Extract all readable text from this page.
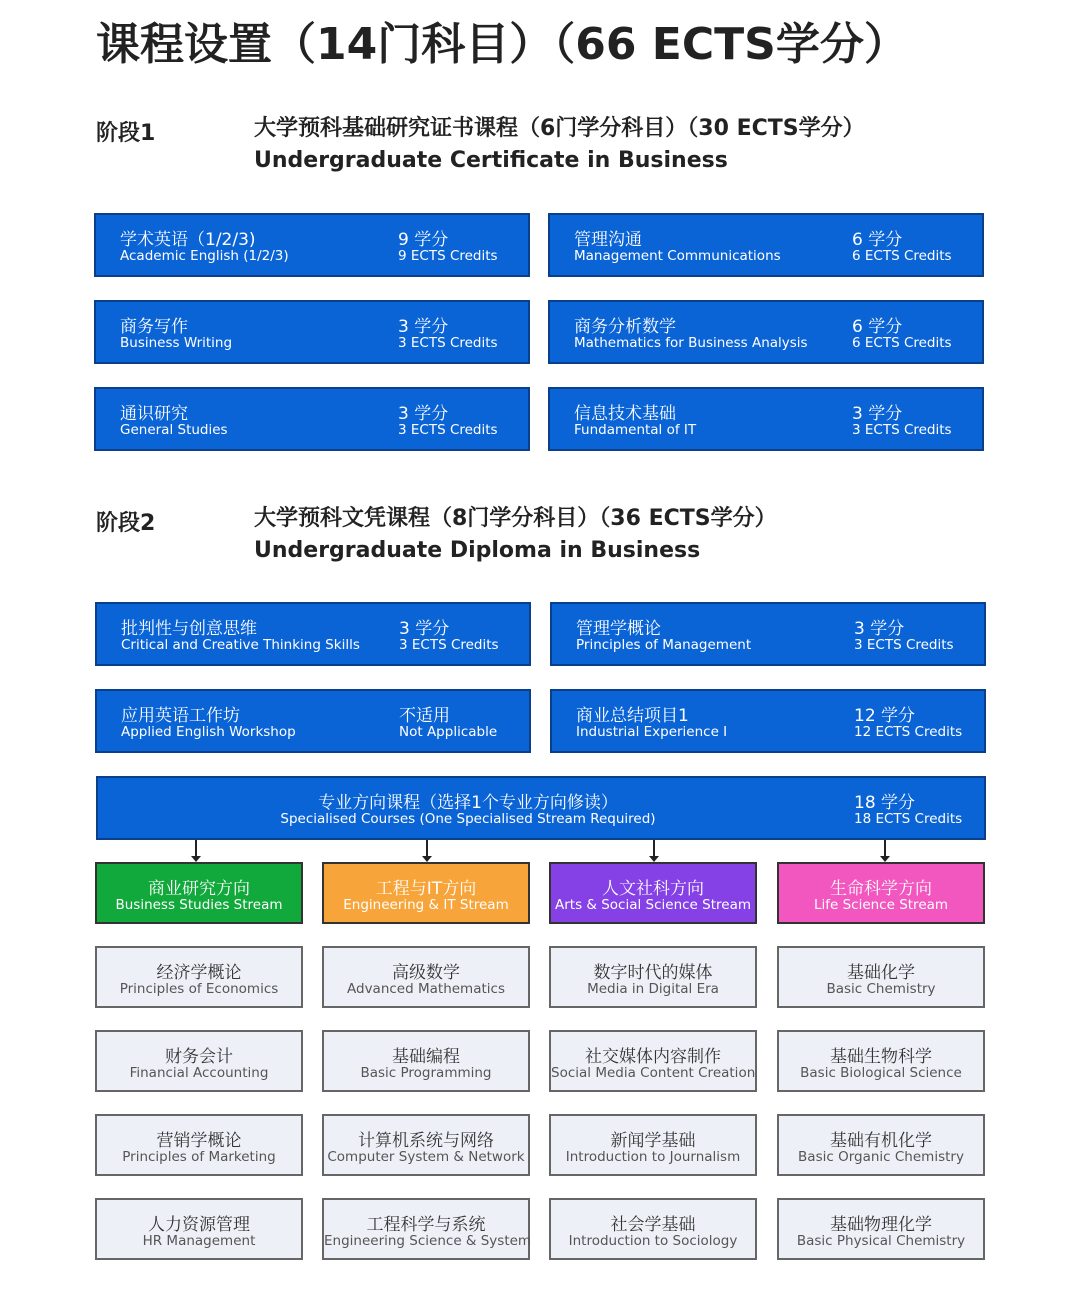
课程设置（14门科目）（66 ECTS学分）
阶段1	大学预科基础研究证书课程（6门学分科目）（30 ECTS学分）
Undergraduate Certificate in Business
学术英语（1/2/3)
Academic English (1/2/3)
9 学分
9 ECTS Credits
管理沟通
Management Communications
6 学分
6 ECTS Credits
商务写作
Business Writing
3 学分
3 ECTS Credits
商务分析数学
Mathematics for Business Analysis
6 学分
6 ECTS Credits
通识研究
General Studies
3 学分
3 ECTS Credits
信息技术基础
Fundamental of IT
3 学分
3 ECTS Credits
阶段2	大学预科文凭课程（8门学分科目）（36 ECTS学分）
Undergraduate Diploma in Business
批判性与创意思维
Critical and Creative Thinking Skills
3 学分
3 ECTS Credits
管理学概论
Principles of Management
3 学分
3 ECTS Credits
应用英语工作坊
Applied English Workshop
不适用
Not Applicable
商业总结项目1
Industrial Experience I
12 学分
12 ECTS Credits
专业方向课程（选择1个专业方向修读）
Specialised Courses (One Specialised Stream Required)
18 学分
18 ECTS Credits
商业研究方向
Business Studies Stream
工程与IT方向
Engineering & IT Stream
人文社科方向
Arts & Social Science Stream
生命科学方向
Life Science Stream
经济学概论
Principles of Economics
财务会计
Financial Accounting
营销学概论
Principles of Marketing
人力资源管理
HR Management
高级数学
Advanced Mathematics
基础编程
Basic Programming
计算机系统与网络
Computer System & Network
工程科学与系统
Engineering Science & System
数字时代的媒体
Media in Digital Era
社交媒体内容制作
Social Media Content Creation
新闻学基础
Introduction to Journalism
社会学基础
Introduction to Sociology
基础化学
Basic Chemistry
基础生物科学
Basic Biological Science
基础有机化学
Basic Organic Chemistry
基础物理化学
Basic Physical Chemistry
